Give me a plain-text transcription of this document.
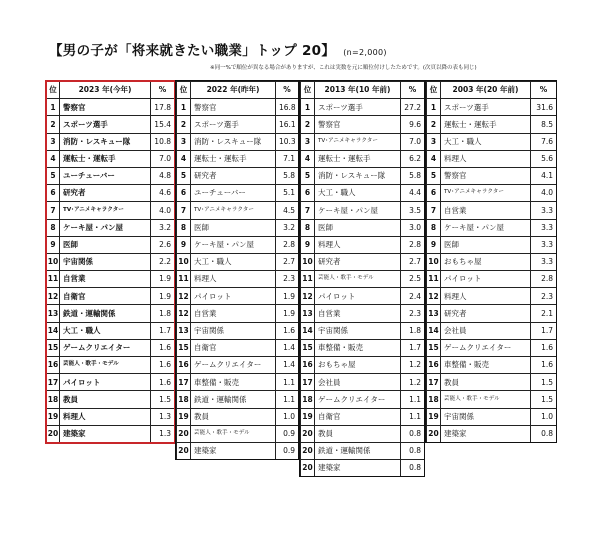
【男の子が「将来就きたい職業」トップ 20】 (n=2,000)
※同一%で順位が異なる場合がありますが、これは実数を元に順位付けしたためです。(次頁以降の表も同じ)
位	2023 年(今年)	%
1	警察官	17.8
2	スポーツ選手	15.4
3	消防・レスキュー隊	10.8
4	運転士・運転手	7.0
5	ユーチューバー	4.8
6	研究者	4.6
7	TV･アニメキャラクター	4.0
8	ケーキ屋・パン屋	3.2
9	医師	2.6
10	宇宙関係	2.2
11	自営業	1.9
12	自衛官	1.9
13	鉄道・運輸関係	1.8
14	大工・職人	1.7
15	ゲームクリエイター	1.6
16	芸能人・歌手・モデル	1.6
17	パイロット	1.6
18	教員	1.5
19	料理人	1.3
20	建築家	1.3
位	2022 年(昨年)	%
1	警察官	16.8
2	スポーツ選手	16.1
3	消防・レスキュー隊	10.3
4	運転士・運転手	7.1
5	研究者	5.8
6	ユーチューバー	5.1
7	TV･アニメキャラクター	4.5
8	医師	3.2
9	ケーキ屋・パン屋	2.8
10	大工・職人	2.7
11	料理人	2.3
12	パイロット	1.9
12	自営業	1.9
13	宇宙関係	1.6
15	自衛官	1.4
16	ゲームクリエイター	1.4
17	車整備・販売	1.1
18	鉄道・運輸関係	1.1
19	教員	1.0
20	芸能人・歌手・モデル	0.9
20	建築家	0.9
位	2013 年(10 年前)	%
1	スポーツ選手	27.2
2	警察官	9.6
3	TV･アニメキャラクター	7.0
4	運転士・運転手	6.2
5	消防・レスキュー隊	5.8
6	大工・職人	4.4
7	ケーキ屋・パン屋	3.5
8	医師	3.0
9	料理人	2.8
10	研究者	2.7
11	芸能人・歌手・モデル	2.5
12	パイロット	2.4
13	自営業	2.3
14	宇宙関係	1.8
15	車整備・販売	1.7
16	おもちゃ屋	1.2
17	会社員	1.2
18	ゲームクリエイター	1.1
19	自衛官	1.1
20	教員	0.8
20	鉄道・運輸関係	0.8
20	建築家	0.8
位	2003 年(20 年前)	%
1	スポーツ選手	31.6
2	運転士・運転手	8.5
3	大工・職人	7.6
4	料理人	5.6
5	警察官	4.1
6	TV･アニメキャラクター	4.0
7	自営業	3.3
8	ケーキ屋・パン屋	3.3
9	医師	3.3
10	おもちゃ屋	3.3
11	パイロット	2.8
12	料理人	2.3
13	研究者	2.1
14	会社員	1.7
15	ゲームクリエイター	1.6
16	車整備・販売	1.6
17	教員	1.5
18	芸能人・歌手・モデル	1.5
19	宇宙関係	1.0
20	建築家	0.8
